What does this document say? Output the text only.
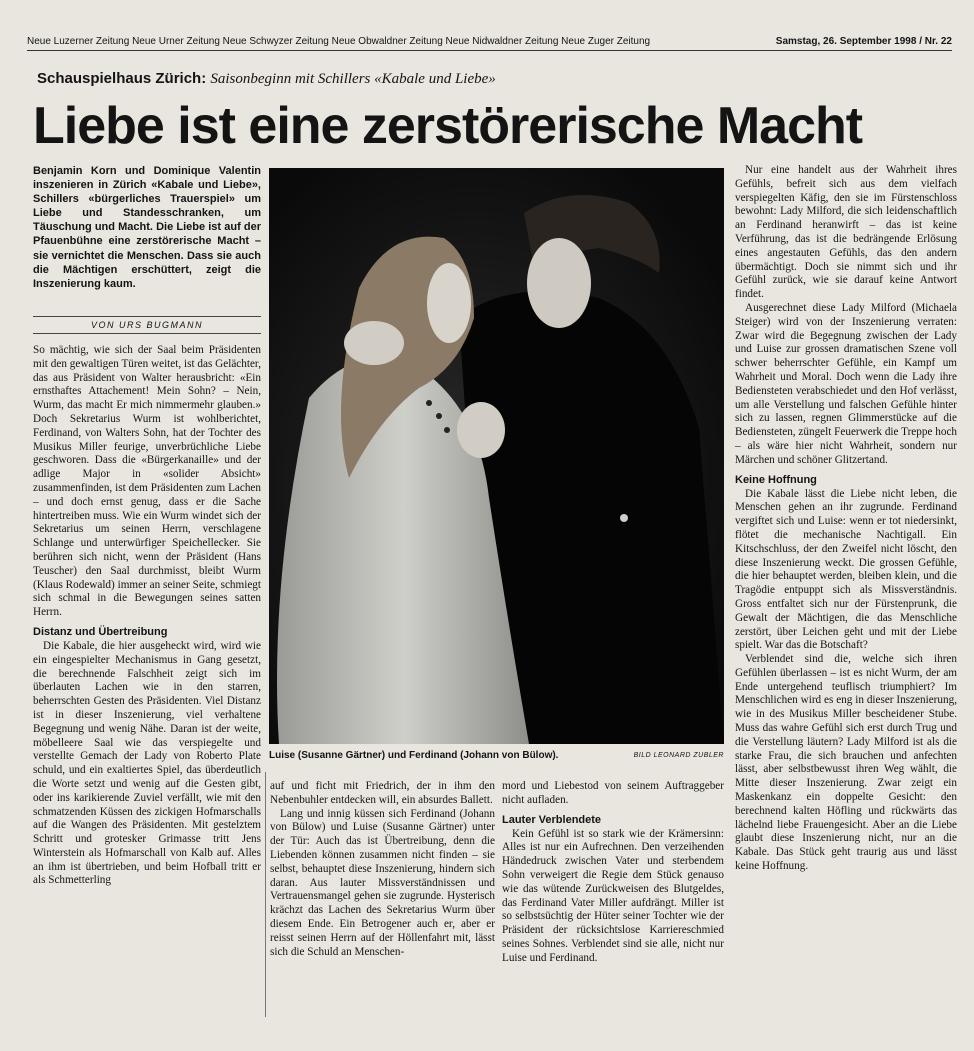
Neue Luzerner Zeitung Neue Urner Zeitung Neue Schwyzer Zeitung Neue Obwaldner Zeitung Neue Nidwaldner Zeitung Neue Zuger Zeitung	Samstag, 26. September 1998 / Nr. 22
Schauspielhaus Zürich: Saisonbeginn mit Schillers «Kabale und Liebe»
Liebe ist eine zerstörerische Macht

Benjamin Korn und Dominique Valentin inszenieren in Zürich «Kabale und Liebe», Schillers «bürgerliches Trauerspiel» um Liebe und Standesschranken, um Täuschung und Macht. Die Liebe ist auf der Pfauenbühne eine zerstörerische Macht – sie vernichtet die Menschen. Dass sie auch die Mächtigen erschüttert, zeigt die Inszenierung kaum.

VON URS BUGMANN

So mächtig, wie sich der Saal beim Präsidenten mit den gewaltigen Türen weitet, ist das Gelächter, das aus Präsident von Walter herausbricht: «Ein ernsthaftes Attachement! Mein Sohn? – Nein, Wurm, das macht Er mich nimmermehr glauben.» Doch Sekretarius Wurm ist wohlberichtet, Ferdinand, von Walters Sohn, hat der Tochter des Musikus Miller feurige, unverbrüchliche Liebe geschworen. Dass die «Bürgerkanaille» und der adlige Major in «solider Absicht» zusammenfinden, ist dem Präsidenten zum Lachen – und doch ernst genug, dass er die Sache hintertreiben muss. Wie ein Wurm windet sich der Sekretarius um seinen Herrn, verschlagene Schlange und unterwürfiger Speichellecker. Sie berühren sich nicht, wenn der Präsident (Hans Teuscher) den Saal durchmisst, bleibt Wurm (Klaus Rodewald) immer an seiner Seite, schmiegt sich schmal in die Bewegungen seines satten Herrn.

Distanz und Übertreibung

Die Kabale, die hier ausgeheckt wird, wird wie ein eingespielter Mechanismus in Gang gesetzt, die berechnende Falschheit zeigt sich im überlauten Lachen wie in den starren, beherrschten Gesten des Präsidenten. Viel Distanz ist in dieser Inszenierung, viel verhaltene Begegnung und wenig Nähe. Daran ist der weite, möbelleere Saal wie das verspiegelte und verstellte Gemach der Lady von Roberto Plate schuld, und ein exaltiertes Spiel, das überdeutlich die Worte setzt und wenig auf die Gesten gibt, oder ins karikierende Zuviel verfällt, wie mit den schmatzenden Küssen des zickigen Hofmarschalls auf die Wangen des Präsidenten. Mit gestelztem Schritt und grotesker Grimasse tritt Jens Winterstein als Hofmarschall von Kalb auf. Alles an ihm ist übertrieben, und beim Hofball tritt er als Schmetterling

Luise (Susanne Gärtner) und Ferdinand (Johann von Bülow).	BILD LEONARD ZUBLER

auf und ficht mit Friedrich, der in ihm den Nebenbuhler entdecken will, ein absurdes Ballett.

Lang und innig küssen sich Ferdinand (Johann von Bülow) und Luise (Susanne Gärtner) unter der Tür: Auch das ist Übertreibung, denn die Liebenden können zusammen nicht finden – sie selbst, behauptet diese Inszenierung, hindern sich daran. Aus lauter Missverständnissen und Vertrauensmangel gehen sie zugrunde. Hysterisch krächzt das Lachen des Sekretarius Wurm über diesem Ende. Ein Betrogener auch er, aber er reisst seinen Herrn auf der Höllenfahrt mit, lässt sich die Schuld an Menschen-

mord und Liebestod von seinem Auftraggeber nicht aufladen.

Lauter Verblendete

Kein Gefühl ist so stark wie der Krämersinn: Alles ist nur ein Aufrechnen. Den verzeihenden Händedruck zwischen Vater und sterbendem Sohn verweigert die Regie dem Stück genauso wie das wütende Zurückweisen des Blutgeldes, das Ferdinand Vater Miller aufdrängt. Miller ist so selbstsüchtig der Hüter seiner Tochter wie der Präsident der rücksichtslose Karriereschmied seines Sohnes. Verblendet sind sie alle, nicht nur Luise und Ferdinand.

Nur eine handelt aus der Wahrheit ihres Gefühls, befreit sich aus dem vielfach verspiegelten Käfig, den sie im Fürstenschloss bewohnt: Lady Milford, die sich leidenschaftlich an Ferdinand heranwirft – das ist keine Verführung, das ist die bedrängende Erlösung eines angestauten Gefühls, das den andern übermächtigt. Doch sie nimmt sich und ihr Gefühl zurück, wie sie darauf keine Antwort findet.

Ausgerechnet diese Lady Milford (Michaela Steiger) wird von der Inszenierung verraten: Zwar wird die Begegnung zwischen der Lady und Luise zur grossen dramatischen Szene voll schwer beherrschter Gefühle, ein Kampf um Wahrheit und Moral. Doch wenn die Lady ihre Bediensteten verabschiedet und den Hof verlässt, um alle Verstellung und falschen Gefühle hinter sich zu lassen, regnen Glimmerstücke auf die Bediensteten, züngelt Feuerwerk die Treppe hoch – als wäre hier nicht Wahrheit, sondern nur Märchen und schöner Glitzertand.

Keine Hoffnung

Die Kabale lässt die Liebe nicht leben, die Menschen gehen an ihr zugrunde. Ferdinand vergiftet sich und Luise: wenn er tot niedersinkt, flötet die mechanische Nachtigall. Ein Kitschschluss, der den Zweifel nicht löscht, den diese Inszenierung weckt. Die grossen Gefühle, die hier behauptet werden, bleiben klein, und die Tragödie entpuppt sich als Missverständnis. Gross entfaltet sich nur der Fürstenprunk, die Gewalt der Mächtigen, die das Menschliche zerstört, über Leichen geht und mit der Liebe spielt. War das die Botschaft?

Verblendet sind die, welche sich ihren Gefühlen überlassen – ist es nicht Wurm, der am Ende untergehend teuflisch triumphiert? Im Menschlichen wird es eng in dieser Inszenierung, wie in des Musikus Miller bescheidener Stube. Muss das wahre Gefühl sich erst durch Trug und die Verstellung läutern? Lady Milford ist als die starke Frau, die sich brauchen und anfechten lässt, aber selbstbewusst ihren Weg wählt, die Mitte dieser Inszenierung. Zwar zeigt ein Maskenkanz ein doppelte Gesicht: den berechnend kalten Höfling und rückwärts das lächelnd liebe Frauengesicht. Aber an die Liebe glaubt diese Inszenierung nicht, nur an die Kabale. Das Stück geht traurig aus und lässt keine Hoffnung.
